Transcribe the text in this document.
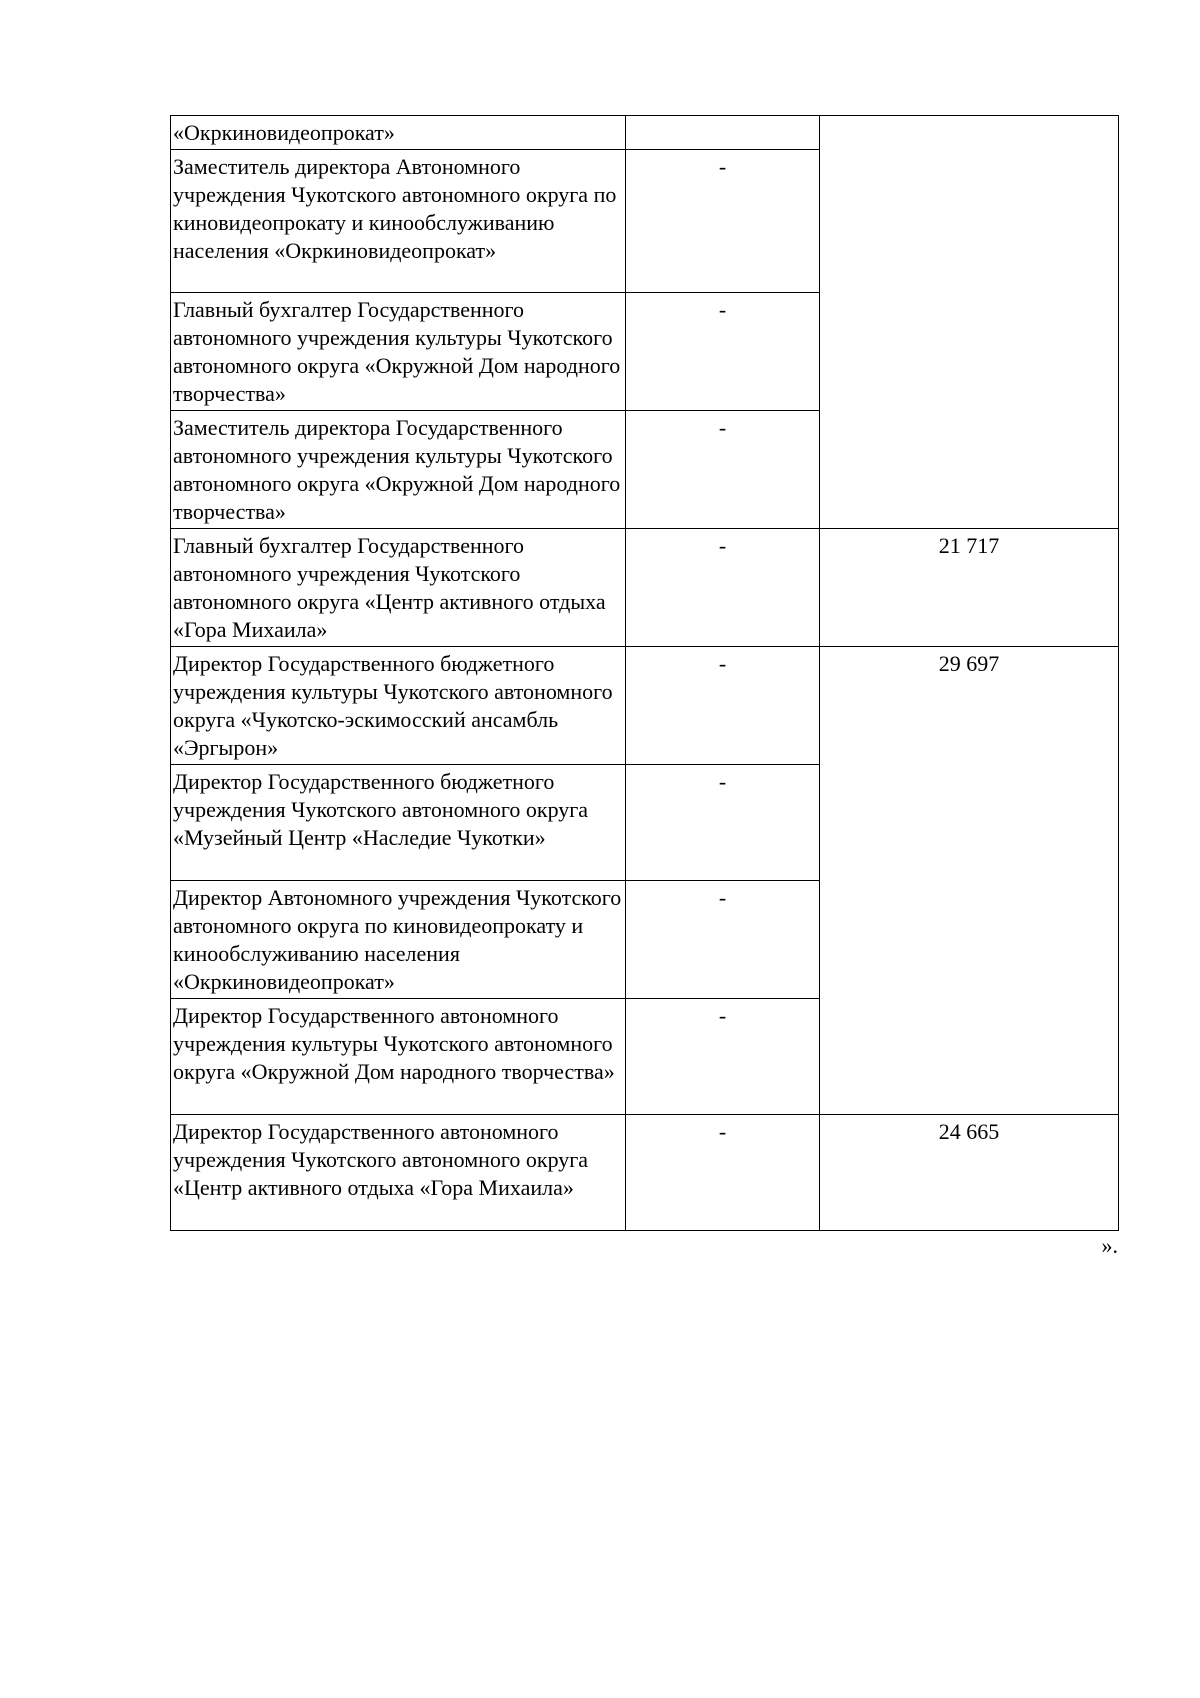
«Окркиновидеопрокат»		
Заместитель директора Автономного учреждения Чукотского автономного округа по киновидеопрокату и кинообслуживанию населения «Окркиновидеопрокат»	-	
Главный бухгалтер Государственного автономного учреждения культуры Чукотского автономного округа «Окружной Дом народного творчества»	-	
Заместитель директора Государственного автономного учреждения культуры Чукотского автономного округа «Окружной Дом народного творчества»	-	
Главный бухгалтер Государственного автономного учреждения Чукотского автономного округа «Центр активного отдыха «Гора Михаила»	-	21 717
Директор Государственного бюджетного учреждения культуры Чукотского автономного округа «Чукотско-эскимосский ансамбль «Эргырон»	-	29 697
Директор Государственного бюджетного учреждения Чукотского автономного округа «Музейный Центр «Наследие Чукотки»	-	
Директор Автономного учреждения Чукотского автономного округа по киновидеопрокату и кинообслуживанию населения «Окркиновидеопрокат»	-	
Директор Государственного автономного учреждения культуры Чукотского автономного округа «Окружной Дом народного творчества»	-	
Директор Государственного автономного учреждения Чукотского автономного округа «Центр активного отдыха «Гора Михаила»	-	24 665
».
